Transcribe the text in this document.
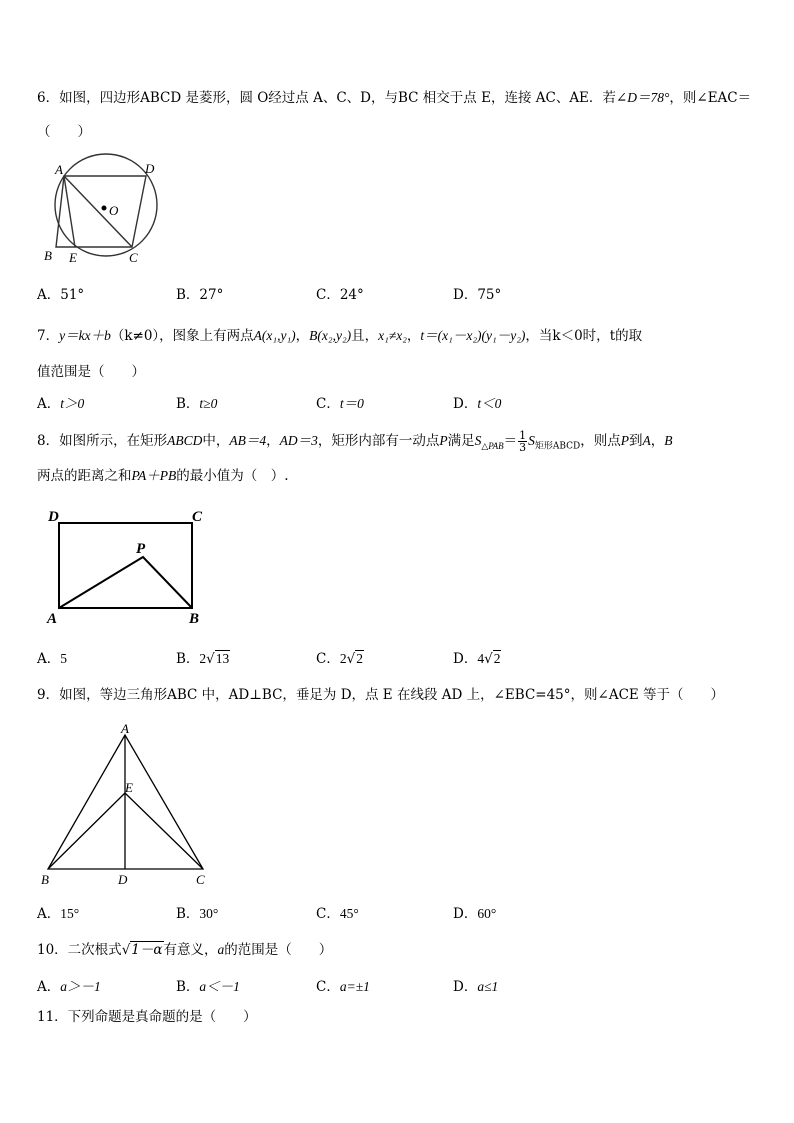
6．如图，四边形ABCD 是菱形，圆 O经过点 A、C、D，与BC 相交于点 E，连接 AC、AE．若∠D＝78°，则∠EAC＝
（　　）
A	D
O
B E	C
A．51°	B．27°	C．24°	D．75°
7．y＝kx＋b（k≠0），图象上有两点A(x₁,y₁)，B(x₂,y₂)且，x₁≠x₂，t＝(x₁－x₂)(y₁－y₂)，当k＜0时，t的取
值范围是（　　）
A．t＞0	B．t≥0	C．t＝0	D．t＜0
8．如图所示，在矩形ABCD中，AB＝4，AD＝3，矩形内部有一动点P满足$S_{\triangle PAB}= \frac{1}{3} S_{矩形ABCD}$，则点P到A，B
两点的距离之和PA＋PB的最小值为（　）.
D	C
P
A	B
A．5	B．2√13	C．2√2	D．4√2
9．如图，等边三角形ABC 中，AD⊥BC，垂足为 D，点 E 在线段 AD 上，∠EBC=45°，则∠ACE 等于（　　）
A
E
B	D	C
A．15°	B．30°	C．45°	D．60°
10．二次根式√1－α有意义，a的范围是（　　）
A．a＞－1	B．a＜－1	C．a=±1	D．a≤1
11．下列命题是真命题的是（　　）
